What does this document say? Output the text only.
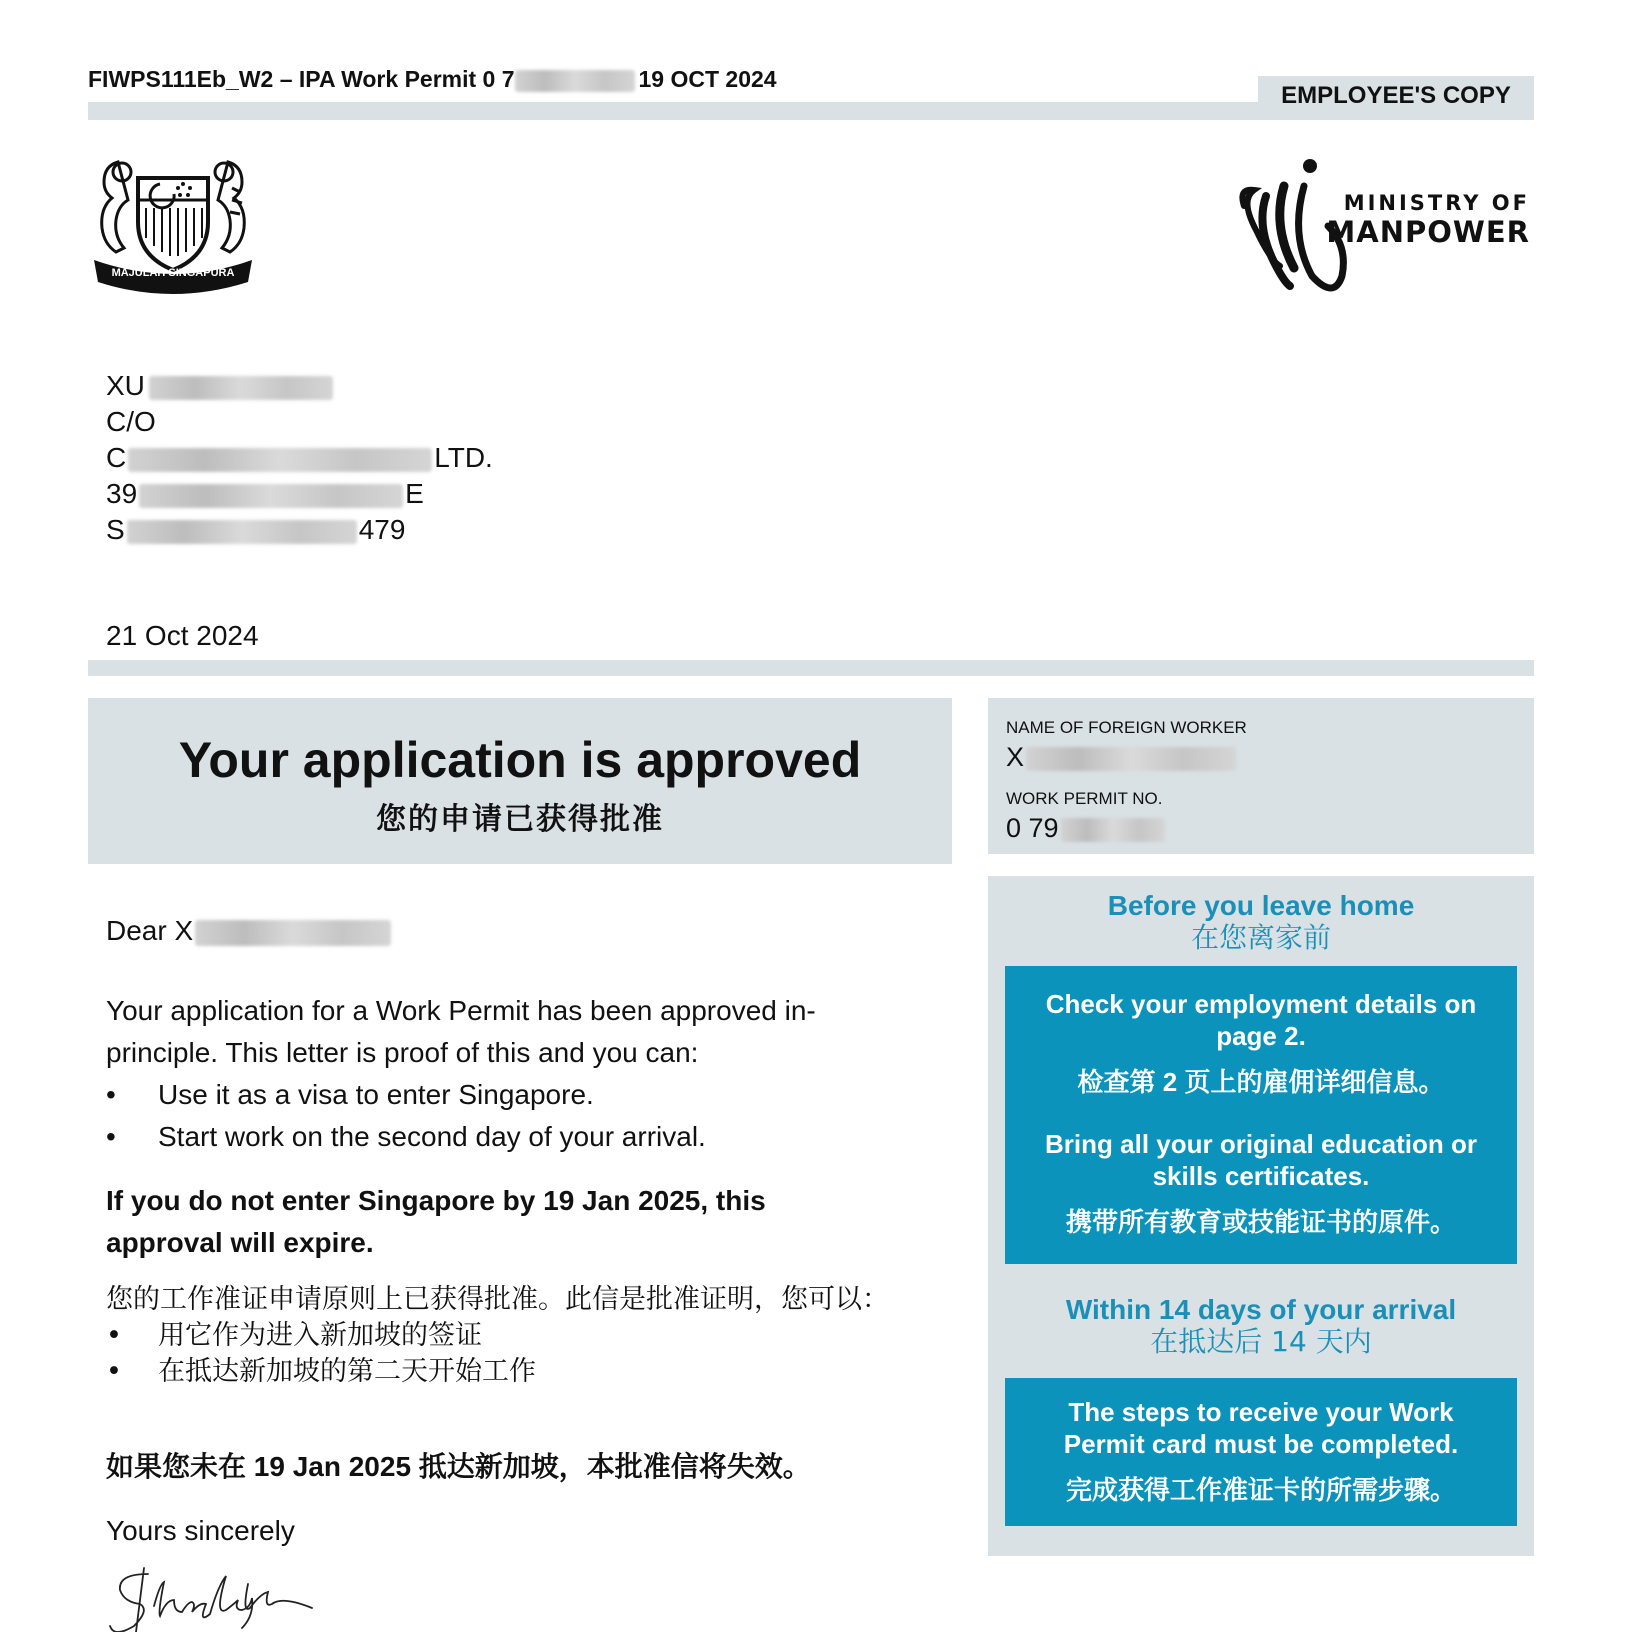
FIWPS111Eb_W2 – IPA Work Permit 0 7	19 OCT 2024
EMPLOYEE'S COPY
MAJULAH SINGAPURA
MINISTRY OF
MANPOWER
XU
C/O
C	LTD.
39	E
S	479
21 Oct 2024
Your application is approved
您的申请已获得批准
NAME OF FOREIGN WORKER
X
WORK PERMIT NO.
0 79
Dear X
Your application for a Work Permit has been approved in-principle. This letter is proof of this and you can:
• Use it as a visa to enter Singapore.
• Start work on the second day of your arrival.
If you do not enter Singapore by 19 Jan 2025, this approval will expire.
您的工作准证申请原则上已获得批准。此信是批准证明，您可以：
• 用它作为进入新加坡的签证
• 在抵达新加坡的第二天开始工作
如果您未在 19 Jan 2025 抵达新加坡，本批准信将失效。
Yours sincerely
Before you leave home
在您离家前

Check your employment details on page 2.

检查第 2 页上的雇佣详细信息。

Bring all your original education or skills certificates.

携带所有教育或技能证书的原件。

Within 14 days of your arrival
在抵达后 14 天内

The steps to receive your Work Permit card must be completed.

完成获得工作准证卡的所需步骤。
